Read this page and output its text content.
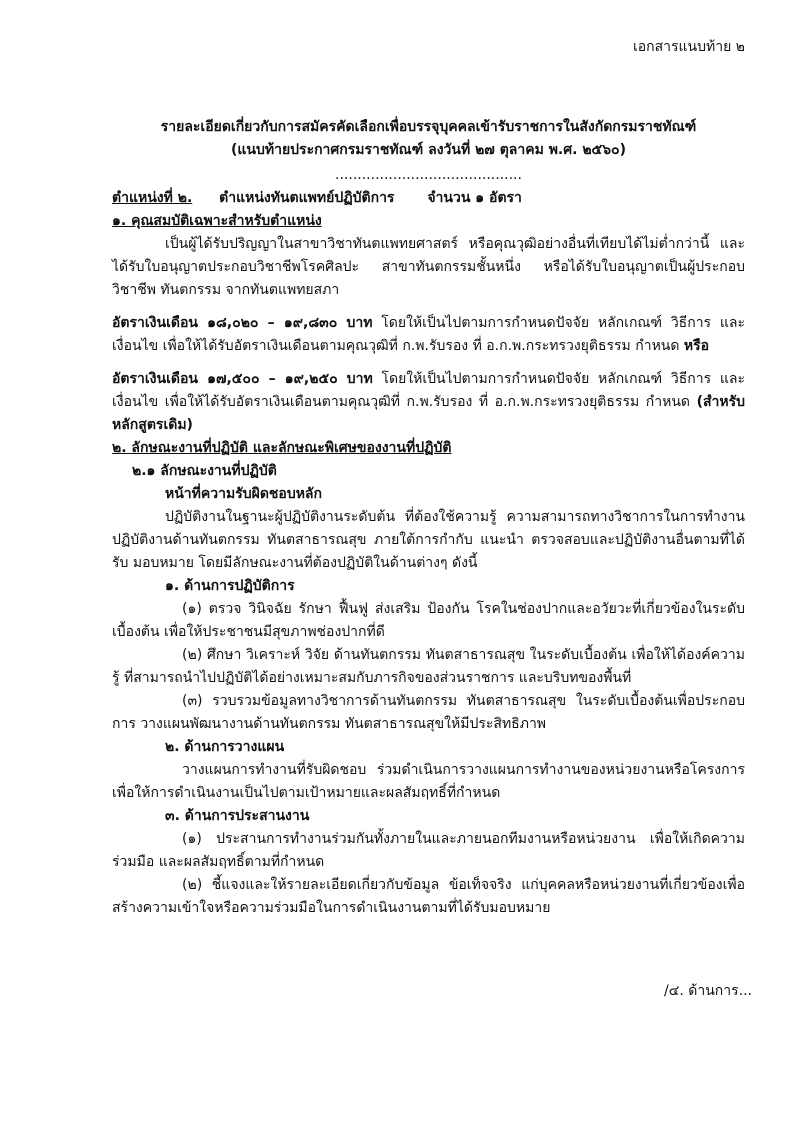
เอกสารแนบท้าย ๒
รายละเอียดเกี่ยวกับการสมัครคัดเลือกเพื่อบรรจุบุคคลเข้ารับราชการในสังกัดกรมราชทัณฑ์
(แนบท้ายประกาศกรมราชทัณฑ์ ลงวันที่ ๒๗ ตุลาคม พ.ศ. ๒๕๖๐)
..........................................
ตำแหน่งที่ ๒. ตำแหน่งทันตแพทย์ปฏิบัติการ จำนวน ๑ อัตรา
๑. คุณสมบัติเฉพาะสำหรับตำแหน่ง

เป็นผู้ได้รับปริญญาในสาขาวิชาทันตแพทยศาสตร์ หรือคุณวุฒิอย่างอื่นที่เทียบได้ไม่ต่ำกว่านี้ และ ได้รับใบอนุญาตประกอบวิชาชีพโรคศิลปะ สาขาทันตกรรมชั้นหนึ่ง หรือได้รับใบอนุญาตเป็นผู้ประกอบวิชาชีพ ทันตกรรม จากทันตแพทยสภา

อัตราเงินเดือน ๑๘,๐๒๐ – ๑๙,๘๓๐ บาท โดยให้เป็นไปตามการกำหนดปัจจัย หลักเกณฑ์ วิธีการ และเงื่อนไข เพื่อให้ได้รับอัตราเงินเดือนตามคุณวุฒิที่ ก.พ.รับรอง ที่ อ.ก.พ.กระทรวงยุติธรรม กำหนด หรือ

อัตราเงินเดือน ๑๗,๕๐๐ – ๑๙,๒๕๐ บาท โดยให้เป็นไปตามการกำหนดปัจจัย หลักเกณฑ์ วิธีการ และเงื่อนไข เพื่อให้ได้รับอัตราเงินเดือนตามคุณวุฒิที่ ก.พ.รับรอง ที่ อ.ก.พ.กระทรวงยุติธรรม กำหนด (สำหรับหลักสูตรเดิม)

๒. ลักษณะงานที่ปฏิบัติ และลักษณะพิเศษของงานที่ปฏิบัติ
๒.๑ ลักษณะงานที่ปฏิบัติ
หน้าที่ความรับผิดชอบหลัก

ปฏิบัติงานในฐานะผู้ปฏิบัติงานระดับต้น ที่ต้องใช้ความรู้ ความสามารถทางวิชาการในการทำงาน ปฏิบัติงานด้านทันตกรรม ทันตสาธารณสุข ภายใต้การกำกับ แนะนำ ตรวจสอบและปฏิบัติงานอื่นตามที่ได้รับ มอบหมาย โดยมีลักษณะงานที่ต้องปฏิบัติในด้านต่างๆ ดังนี้

๑. ด้านการปฏิบัติการ

(๑) ตรวจ วินิจฉัย รักษา ฟื้นฟู ส่งเสริม ป้องกัน โรคในช่องปากและอวัยวะที่เกี่ยวข้องในระดับเบื้องต้น เพื่อให้ประชาชนมีสุขภาพช่องปากที่ดี

(๒) ศึกษา วิเคราะห์ วิจัย ด้านทันตกรรม ทันตสาธารณสุข ในระดับเบื้องต้น เพื่อให้ได้องค์ความรู้ ที่สามารถนำไปปฏิบัติได้อย่างเหมาะสมกับภารกิจของส่วนราชการ และบริบทของพื้นที่

(๓) รวบรวมข้อมูลทางวิชาการด้านทันตกรรม ทันตสาธารณสุข ในระดับเบื้องต้นเพื่อประกอบการ วางแผนพัฒนางานด้านทันตกรรม ทันตสาธารณสุขให้มีประสิทธิภาพ

๒. ด้านการวางแผน

วางแผนการทำงานที่รับผิดชอบ ร่วมดำเนินการวางแผนการทำงานของหน่วยงานหรือโครงการ เพื่อให้การดำเนินงานเป็นไปตามเป้าหมายและผลสัมฤทธิ์ที่กำหนด

๓. ด้านการประสานงาน

(๑) ประสานการทำงานร่วมกันทั้งภายในและภายนอกทีมงานหรือหน่วยงาน เพื่อให้เกิดความร่วมมือ และผลสัมฤทธิ์ตามที่กำหนด

(๒) ชี้แจงและให้รายละเอียดเกี่ยวกับข้อมูล ข้อเท็จจริง แก่บุคคลหรือหน่วยงานที่เกี่ยวข้องเพื่อ สร้างความเข้าใจหรือความร่วมมือในการดำเนินงานตามที่ได้รับมอบหมาย

/๔. ด้านการ...
